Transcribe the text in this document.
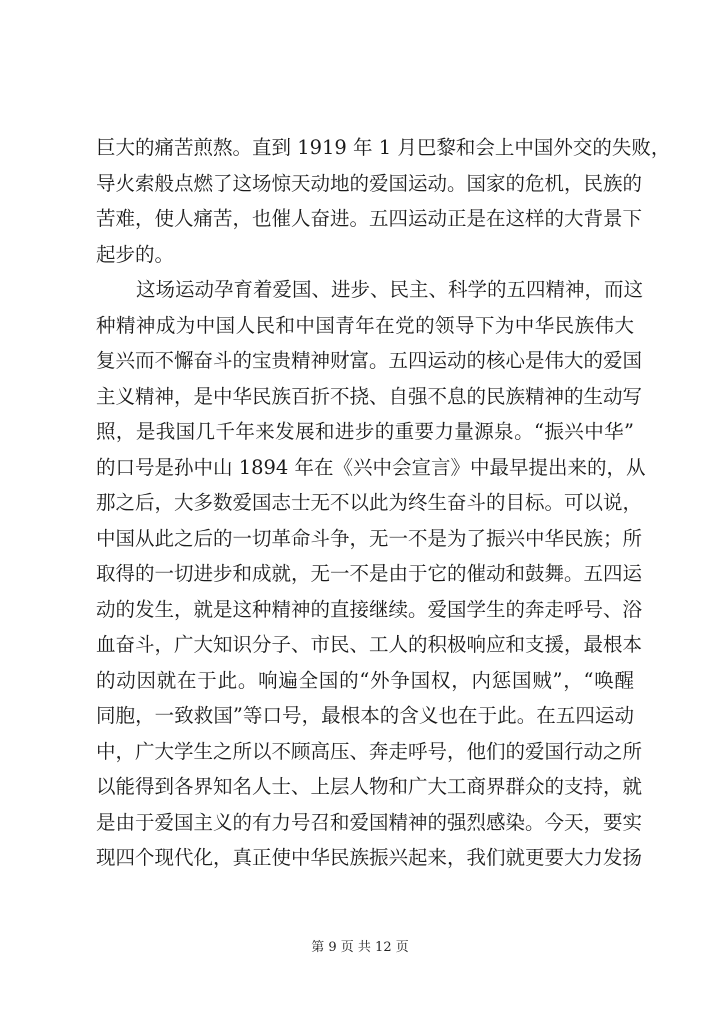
巨大的痛苦煎熬。直到 1919 年 1 月巴黎和会上中国外交的失败，
导火索般点燃了这场惊天动地的爱国运动。国家的危机，民族的
苦难，使人痛苦，也催人奋进。五四运动正是在这样的大背景下
起步的。

这场运动孕育着爱国、进步、民主、科学的五四精神，而这
种精神成为中国人民和中国青年在党的领导下为中华民族伟大
复兴而不懈奋斗的宝贵精神财富。五四运动的核心是伟大的爱国
主义精神，是中华民族百折不挠、自强不息的民族精神的生动写
照，是我国几千年来发展和进步的重要力量源泉。“振兴中华”
的口号是孙中山 1894 年在《兴中会宣言》中最早提出来的，从
那之后，大多数爱国志士无不以此为终生奋斗的目标。可以说，
中国从此之后的一切革命斗争，无一不是为了振兴中华民族；所
取得的一切进步和成就，无一不是由于它的催动和鼓舞。五四运
动的发生，就是这种精神的直接继续。爱国学生的奔走呼号、浴
血奋斗，广大知识分子、市民、工人的积极响应和支援，最根本
的动因就在于此。响遍全国的“外争国权，内惩国贼”，“唤醒
同胞，一致救国”等口号，最根本的含义也在于此。在五四运动
中，广大学生之所以不顾高压、奔走呼号，他们的爱国行动之所
以能得到各界知名人士、上层人物和广大工商界群众的支持，就
是由于爱国主义的有力号召和爱国精神的强烈感染。今天，要实
现四个现代化，真正使中华民族振兴起来，我们就更要大力发扬

第 9 页 共 12 页
